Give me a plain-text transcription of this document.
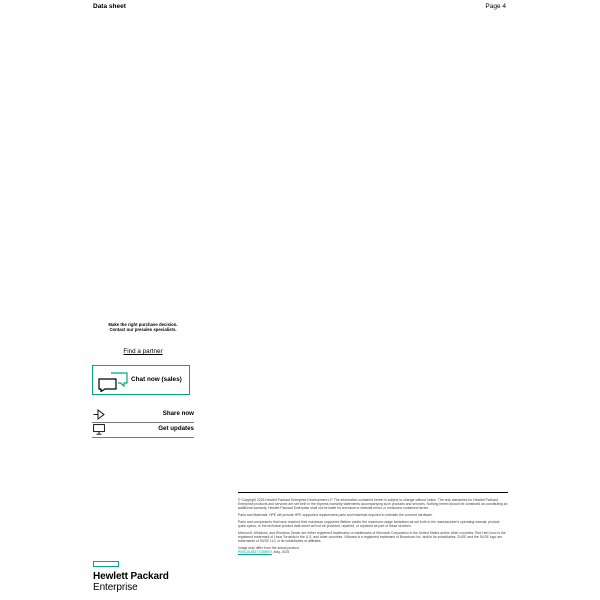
Data sheet	Page 4
Make the right purchase decision.
Contact our presales specialists.
Find a partner
Chat now (sales)
Share now
Get updates

© Copyright 2025 Hewlett Packard Enterprise Development LP. The information contained herein is subject to change without notice. The only warranties for Hewlett Packard Enterprise products and services are set forth in the express warranty statements accompanying such products and services. Nothing herein should be construed as constituting an additional warranty. Hewlett Packard Enterprise shall not be liable for technical or editorial errors or omissions contained herein.

Parts and Materials: HPE will provide HPE-supported replacement parts and materials required to maintain the covered hardware.

Parts and components that have reached their maximum supported lifetime and/or the maximum usage limitations as set forth in the manufacturer's operating manual, product quick-specs, or the technical product data sheet will not be provided, repaired, or replaced as part of these services.

Microsoft, Windows, and Windows Server are either registered trademarks or trademarks of Microsoft Corporation in the United States and/or other countries. Red Hat Linux is the registered trademark of Linus Torvalds in the U.S. and other countries. VMware is a registered trademark of Broadcom Inc. and/or its subsidiaries. SUSE and the SUSE logo are trademarks of SUSE LLC or its subsidiaries or affiliates.

Image may differ from the actual product.
PSN1014637728WEN, May, 2025

Hewlett Packard
Enterprise
